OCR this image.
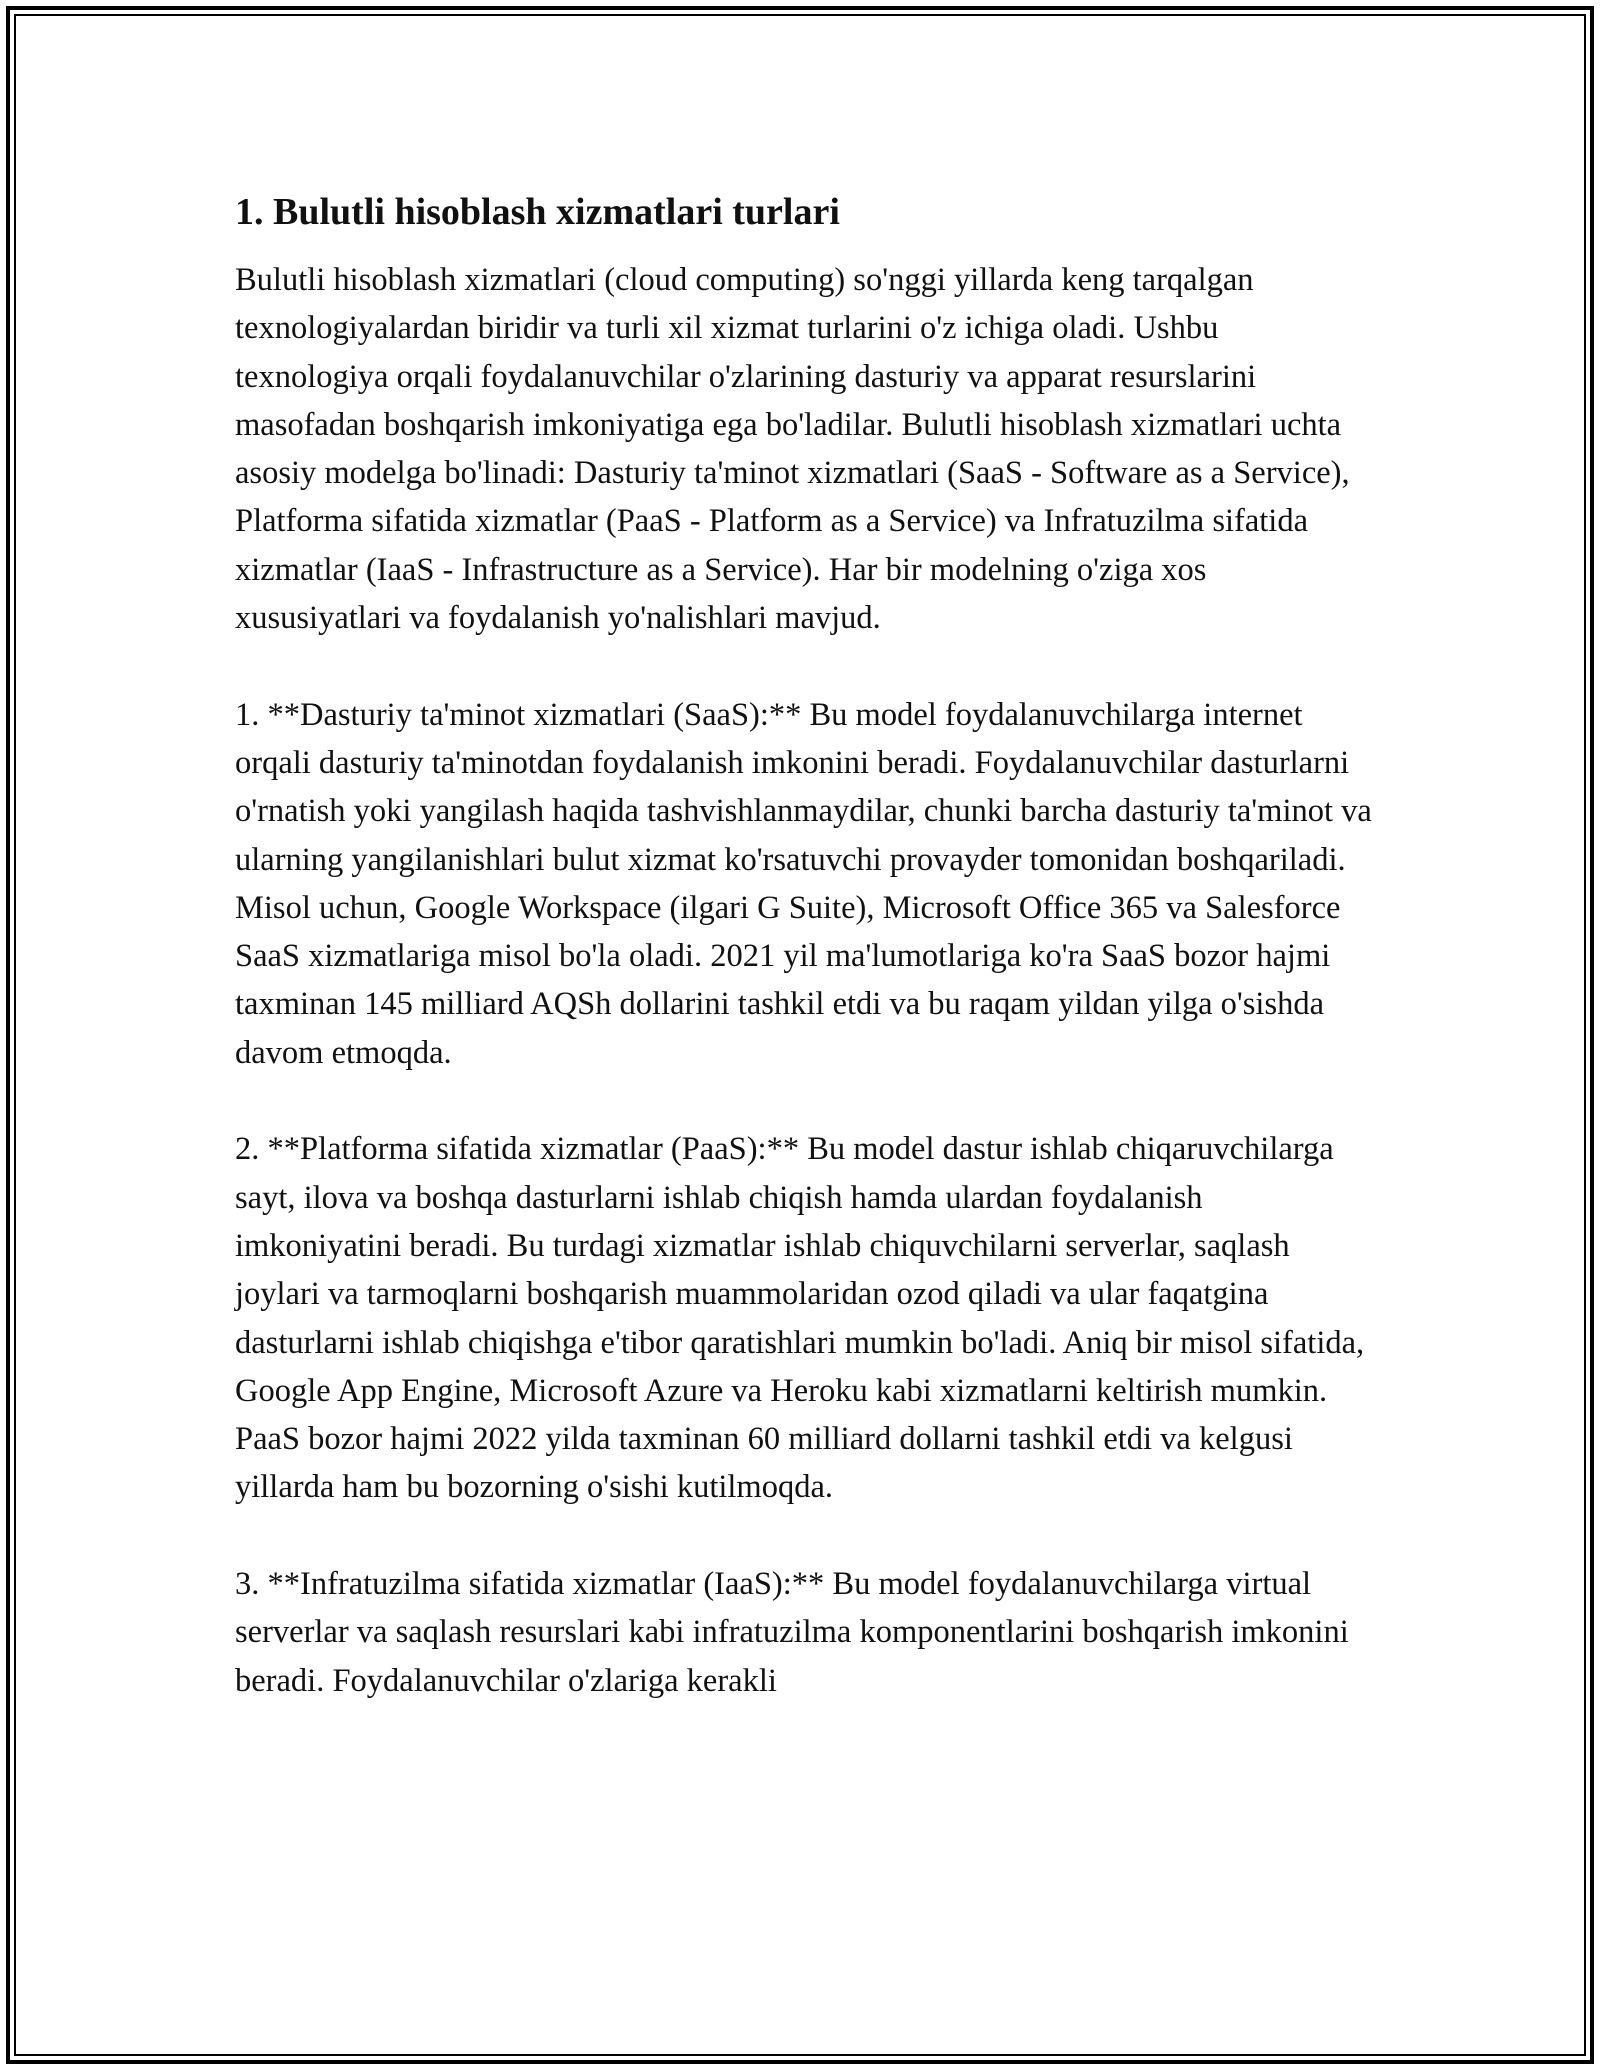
1. Bulutli hisoblash xizmatlari turlari

Bulutli hisoblash xizmatlari (cloud computing) so'nggi yillarda keng tarqalgan texnologiyalardan biridir va turli xil xizmat turlarini o'z ichiga oladi. Ushbu texnologiya orqali foydalanuvchilar o'zlarining dasturiy va apparat resurslarini masofadan boshqarish imkoniyatiga ega bo'ladilar. Bulutli hisoblash xizmatlari uchta asosiy modelga bo'linadi: Dasturiy ta'minot xizmatlari (SaaS - Software as a Service), Platforma sifatida xizmatlar (PaaS - Platform as a Service) va Infratuzilma sifatida xizmatlar (IaaS - Infrastructure as a Service). Har bir modelning o'ziga xos xususiyatlari va foydalanish yo'nalishlari mavjud.

1. **Dasturiy ta'minot xizmatlari (SaaS):** Bu model foydalanuvchilarga internet orqali dasturiy ta'minotdan foydalanish imkonini beradi. Foydalanuvchilar dasturlarni o'rnatish yoki yangilash haqida tashvishlanmaydilar, chunki barcha dasturiy ta'minot va ularning yangilanishlari bulut xizmat ko'rsatuvchi provayder tomonidan boshqariladi. Misol uchun, Google Workspace (ilgari G Suite), Microsoft Office 365 va Salesforce SaaS xizmatlariga misol bo'la oladi. 2021 yil ma'lumotlariga ko'ra SaaS bozor hajmi taxminan 145 milliard AQSh dollarini tashkil etdi va bu raqam yildan yilga o'sishda davom etmoqda.

2. **Platforma sifatida xizmatlar (PaaS):** Bu model dastur ishlab chiqaruvchilarga sayt, ilova va boshqa dasturlarni ishlab chiqish hamda ulardan foydalanish imkoniyatini beradi. Bu turdagi xizmatlar ishlab chiquvchilarni serverlar, saqlash joylari va tarmoqlarni boshqarish muammolaridan ozod qiladi va ular faqatgina dasturlarni ishlab chiqishga e'tibor qaratishlari mumkin bo'ladi. Aniq bir misol sifatida, Google App Engine, Microsoft Azure va Heroku kabi xizmatlarni keltirish mumkin. PaaS bozor hajmi 2022 yilda taxminan 60 milliard dollarni tashkil etdi va kelgusi yillarda ham bu bozorning o'sishi kutilmoqda.

3. **Infratuzilma sifatida xizmatlar (IaaS):** Bu model foydalanuvchilarga virtual serverlar va saqlash resurslari kabi infratuzilma komponentlarini boshqarish imkonini beradi. Foydalanuvchilar o'zlariga kerakli
